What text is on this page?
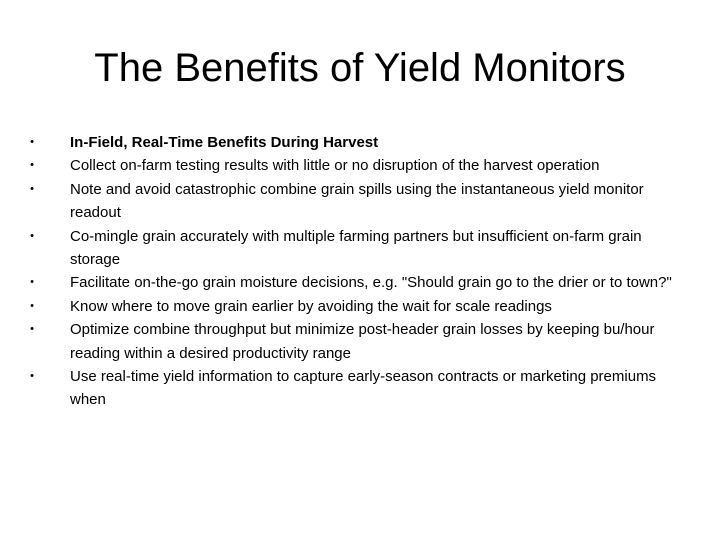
The Benefits of Yield Monitors
• In-Field, Real-Time Benefits During Harvest
• Collect on-farm testing results with little or no disruption of the harvest operation
• Note and avoid catastrophic combine grain spills using the instantaneous yield monitor readout
• Co-mingle grain accurately with multiple farming partners but insufficient on-farm grain storage
• Facilitate on-the-go grain moisture decisions, e.g. "Should grain go to the drier or to town?"
• Know where to move grain earlier by avoiding the wait for scale readings
• Optimize combine throughput but minimize post-header grain losses by keeping bu/hour reading within a desired productivity range
• Use real-time yield information to capture early-season contracts or marketing premiums when
